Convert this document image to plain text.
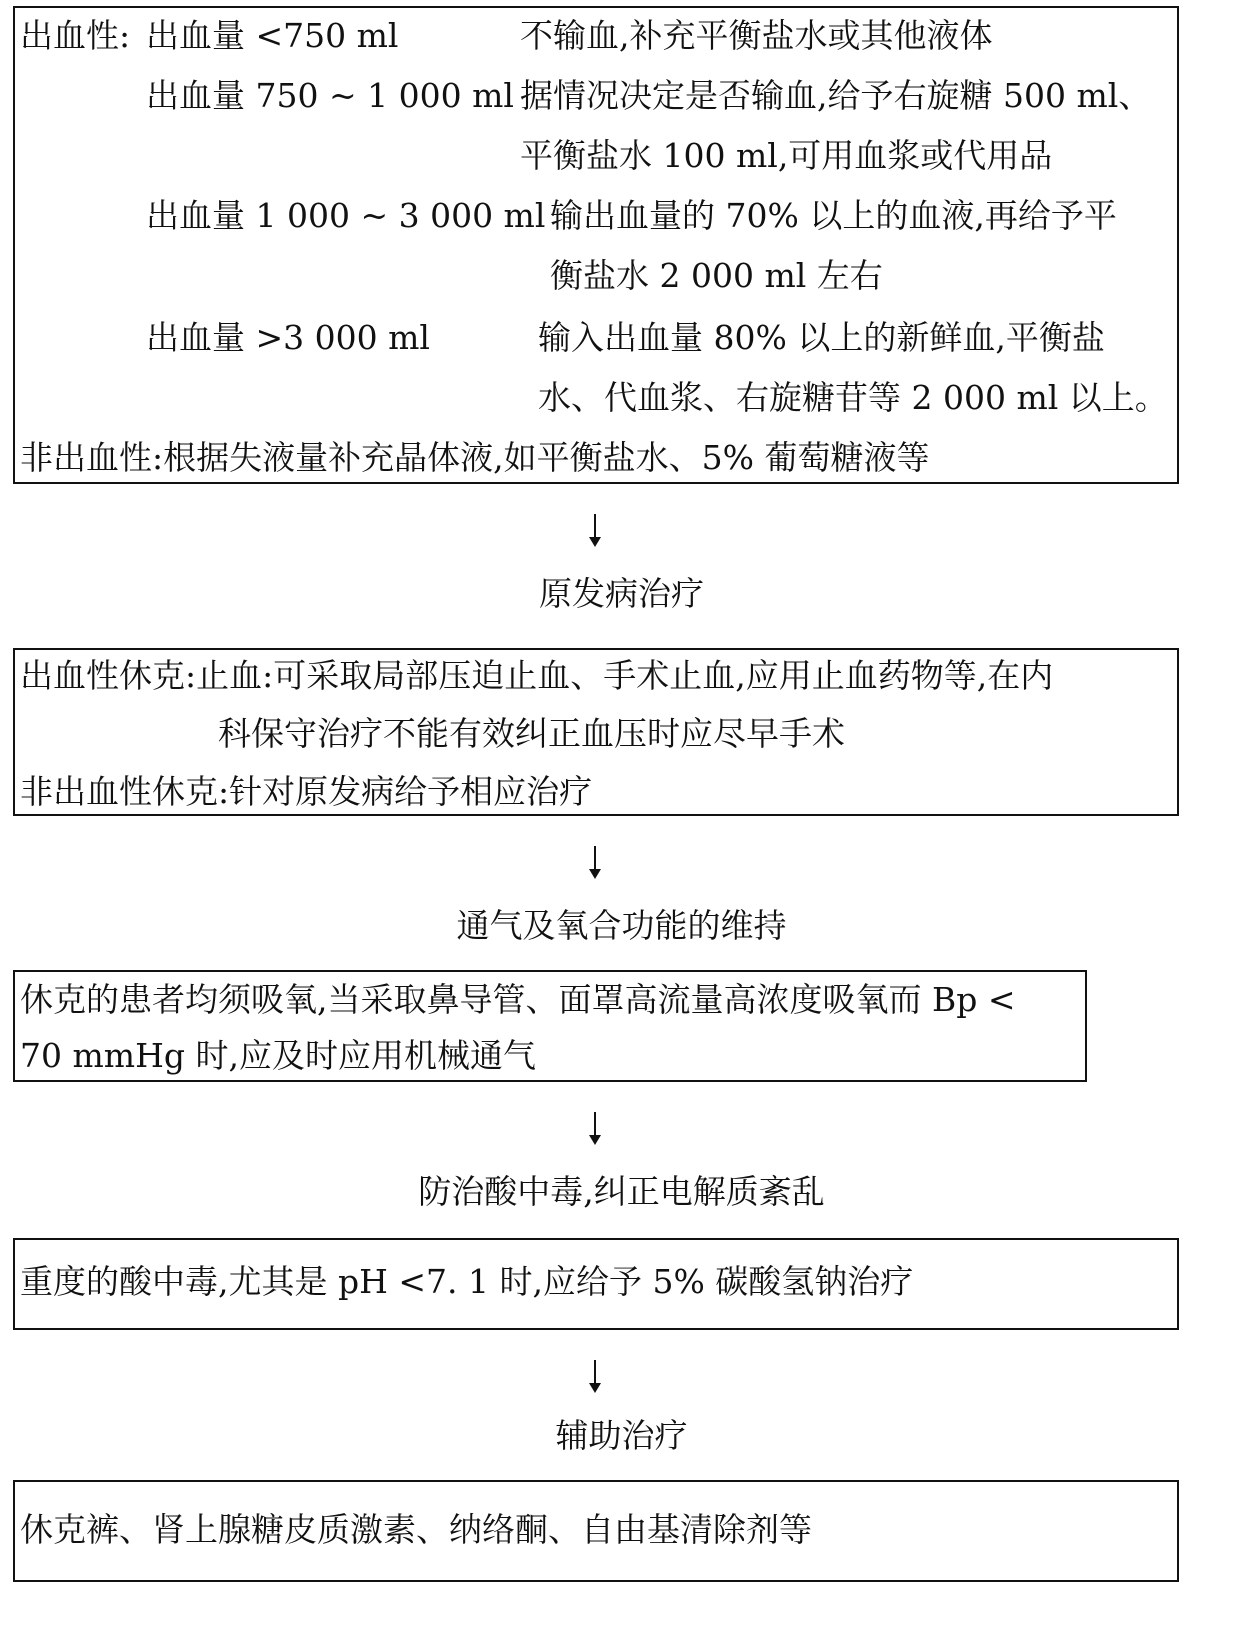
出血性: 出血量 <750 ml	不输血,补充平衡盐水或其他液体
出血量 750 ~ 1 000 ml 据情况决定是否输血,给予右旋糖 500 ml、
平衡盐水 100 ml,可用血浆或代用品
出血量 1 000 ~ 3 000 ml 输出血量的 70% 以上的血液,再给予平
衡盐水 2 000 ml 左右
出血量 >3 000 ml	输入出血量 80% 以上的新鲜血,平衡盐
水、代血浆、右旋糖苷等 2 000 ml 以上。
非出血性:根据失液量补充晶体液,如平衡盐水、5% 葡萄糖液等
原发病治疗
出血性休克:止血:可采取局部压迫止血、手术止血,应用止血药物等,在内
科保守治疗不能有效纠正血压时应尽早手术
非出血性休克:针对原发病给予相应治疗
通气及氧合功能的维持
休克的患者均须吸氧,当采取鼻导管、面罩高流量高浓度吸氧而 Bp <
70 mmHg 时,应及时应用机械通气
防治酸中毒,纠正电解质紊乱
重度的酸中毒,尤其是 pH <7. 1 时,应给予 5% 碳酸氢钠治疗
辅助治疗
休克裤、肾上腺糖皮质激素、纳络酮、自由基清除剂等
